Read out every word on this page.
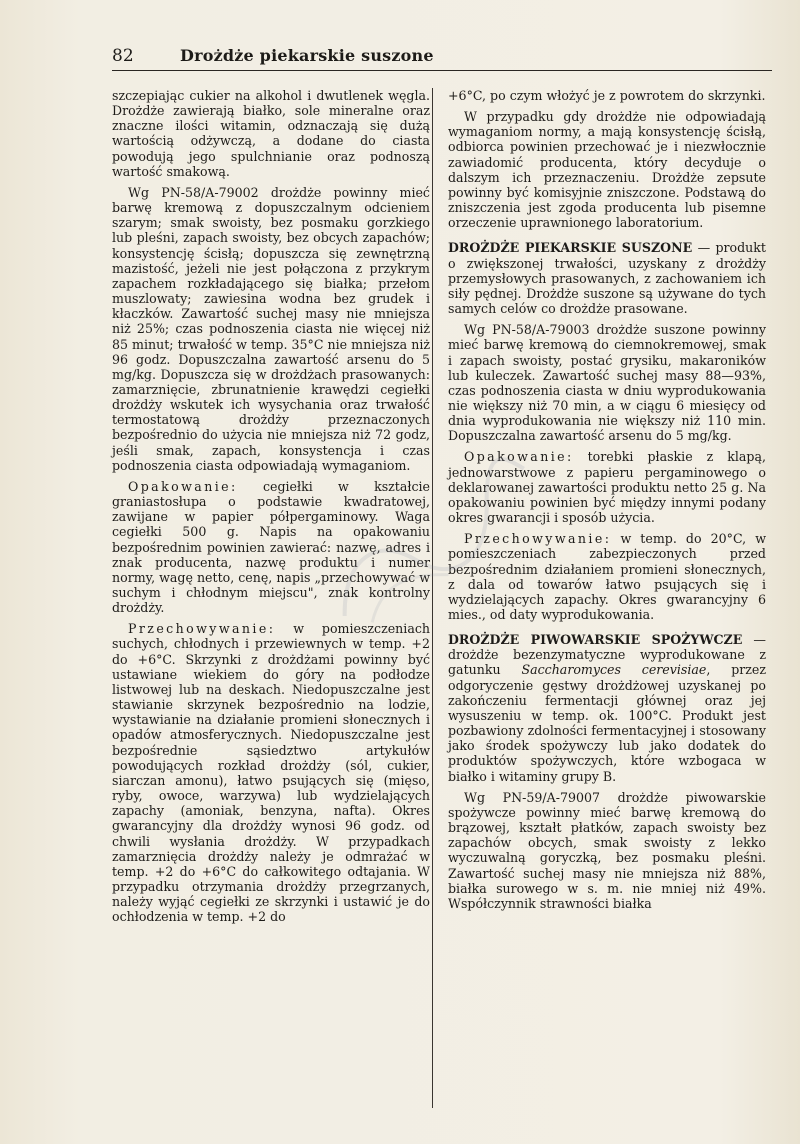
82	Drożdże piekarskie suszone

szczepiając cukier na alkohol i dwutlenek węgla. Drożdże zawierają białko, sole mineralne oraz znaczne ilości witamin, odznaczają się dużą wartością odżywczą, a dodane do ciasta powodują jego spulchnianie oraz podnoszą wartość smakową.

Wg PN-58/A-79002 drożdże powinny mieć barwę kremową z dopuszczalnym odcieniem szarym; smak swoisty, bez posmaku gorzkiego lub pleśni, zapach swoisty, bez obcych zapachów; konsystencję ścisłą; dopuszcza się zewnętrzną mazistość, jeżeli nie jest połączona z przykrym zapachem rozkładającego się białka; przełom muszlowaty; zawiesina wodna bez grudek i kłaczków. Zawartość suchej masy nie mniejsza niż 25%; czas podnoszenia ciasta nie więcej niż 85 minut; trwałość w temp. 35°C nie mniejsza niż 96 godz. Dopuszczalna zawartość arsenu do 5 mg/kg. Dopuszcza się w drożdżach prasowanych: zamarznięcie, zbrunatnienie krawędzi cegiełki drożdży wskutek ich wysychania oraz trwałość termostatową drożdży przeznaczonych bezpośrednio do użycia nie mniejsza niż 72 godz, jeśli smak, zapach, konsystencja i czas podnoszenia ciasta odpowiadają wymaganiom.

Opakowanie: cegiełki w kształcie graniastosłupa o podstawie kwadratowej, zawijane w papier półpergaminowy. Waga cegiełki 500 g. Napis na opakowaniu bezpośrednim powinien zawierać: nazwę, adres i znak producenta, nazwę produktu i numer normy, wagę netto, cenę, napis „przechowywać w suchym i chłodnym miejscu", znak kontrolny drożdży.

Przechowywanie: w pomieszczeniach suchych, chłodnych i przewiewnych w temp. +2 do +6°C. Skrzynki z drożdżami powinny być ustawiane wiekiem do góry na podłodze listwowej lub na deskach. Niedopuszczalne jest stawianie skrzynek bezpośrednio na lodzie, wystawianie na działanie promieni słonecznych i opadów atmosferycznych. Niedopuszczalne jest bezpośrednie sąsiedztwo artykułów powodujących rozkład drożdży (sól, cukier, siarczan amonu), łatwo psujących się (mięso, ryby, owoce, warzywa) lub wydzielających zapachy (amoniak, benzyna, nafta). Okres gwarancyjny dla drożdży wynosi 96 godz. od chwili wysłania drożdży. W przypadkach zamarznięcia drożdży należy je odmrażać w temp. +2 do +6°C do całkowitego odtajania. W przypadku otrzymania drożdży przegrzanych, należy wyjąć cegiełki ze skrzynki i ustawić je do ochłodzenia w temp. +2 do

+6°C, po czym włożyć je z powrotem do skrzynki.

W przypadku gdy drożdże nie odpowiadają wymaganiom normy, a mają konsystencję ścisłą, odbiorca powinien przechować je i niezwłocznie zawiadomić producenta, który decyduje o dalszym ich przeznaczeniu. Drożdże zepsute powinny być komisyjnie zniszczone. Podstawą do zniszczenia jest zgoda producenta lub pisemne orzeczenie uprawnionego laboratorium.

DROŻDŻE PIEKARSKIE SUSZONE — produkt o zwiększonej trwałości, uzyskany z drożdży przemysłowych prasowanych, z zachowaniem ich siły pędnej. Drożdże suszone są używane do tych samych celów co drożdże prasowane.

Wg PN-58/A-79003 drożdże suszone powinny mieć barwę kremową do ciemnokremowej, smak i zapach swoisty, postać grysiku, makaroników lub kuleczek. Zawartość suchej masy 88—93%, czas podnoszenia ciasta w dniu wyprodukowania nie większy niż 70 min, a w ciągu 6 miesięcy od dnia wyprodukowania nie większy niż 110 min. Dopuszczalna zawartość arsenu do 5 mg/kg.

Opakowanie: torebki płaskie z klapą, jednowarstwowe z papieru pergaminowego o deklarowanej zawartości produktu netto 25 g. Na opakowaniu powinien być między innymi podany okres gwarancji i sposób użycia.

Przechowywanie: w temp. do 20°C, w pomieszczeniach zabezpieczonych przed bezpośrednim działaniem promieni słonecznych, z dala od towarów łatwo psujących się i wydzielających zapachy. Okres gwarancyjny 6 mies., od daty wyprodukowania.

DROŻDŻE PIWOWARSKIE SPOŻYWCZE — drożdże bezenzymatyczne wyprodukowane z gatunku Saccharomyces cerevisiae, przez odgoryczenie gęstwy drożdżowej uzyskanej po zakończeniu fermentacji głównej oraz jej wysuszeniu w temp. ok. 100°C. Produkt jest pozbawiony zdolności fermentacyjnej i stosowany jako środek spożywczy lub jako dodatek do produktów spożywczych, które wzbogaca w białko i witaminy grupy B.

Wg PN-59/A-79007 drożdże piwowarskie spożywcze powinny mieć barwę kremową do brązowej, kształt płatków, zapach swoisty bez zapachów obcych, smak swoisty z lekko wyczuwalną goryczką, bez posmaku pleśni. Zawartość suchej masy nie mniejsza niż 88%, białka surowego w s. m. nie mniej niż 49%. Współczynnik strawności białka
